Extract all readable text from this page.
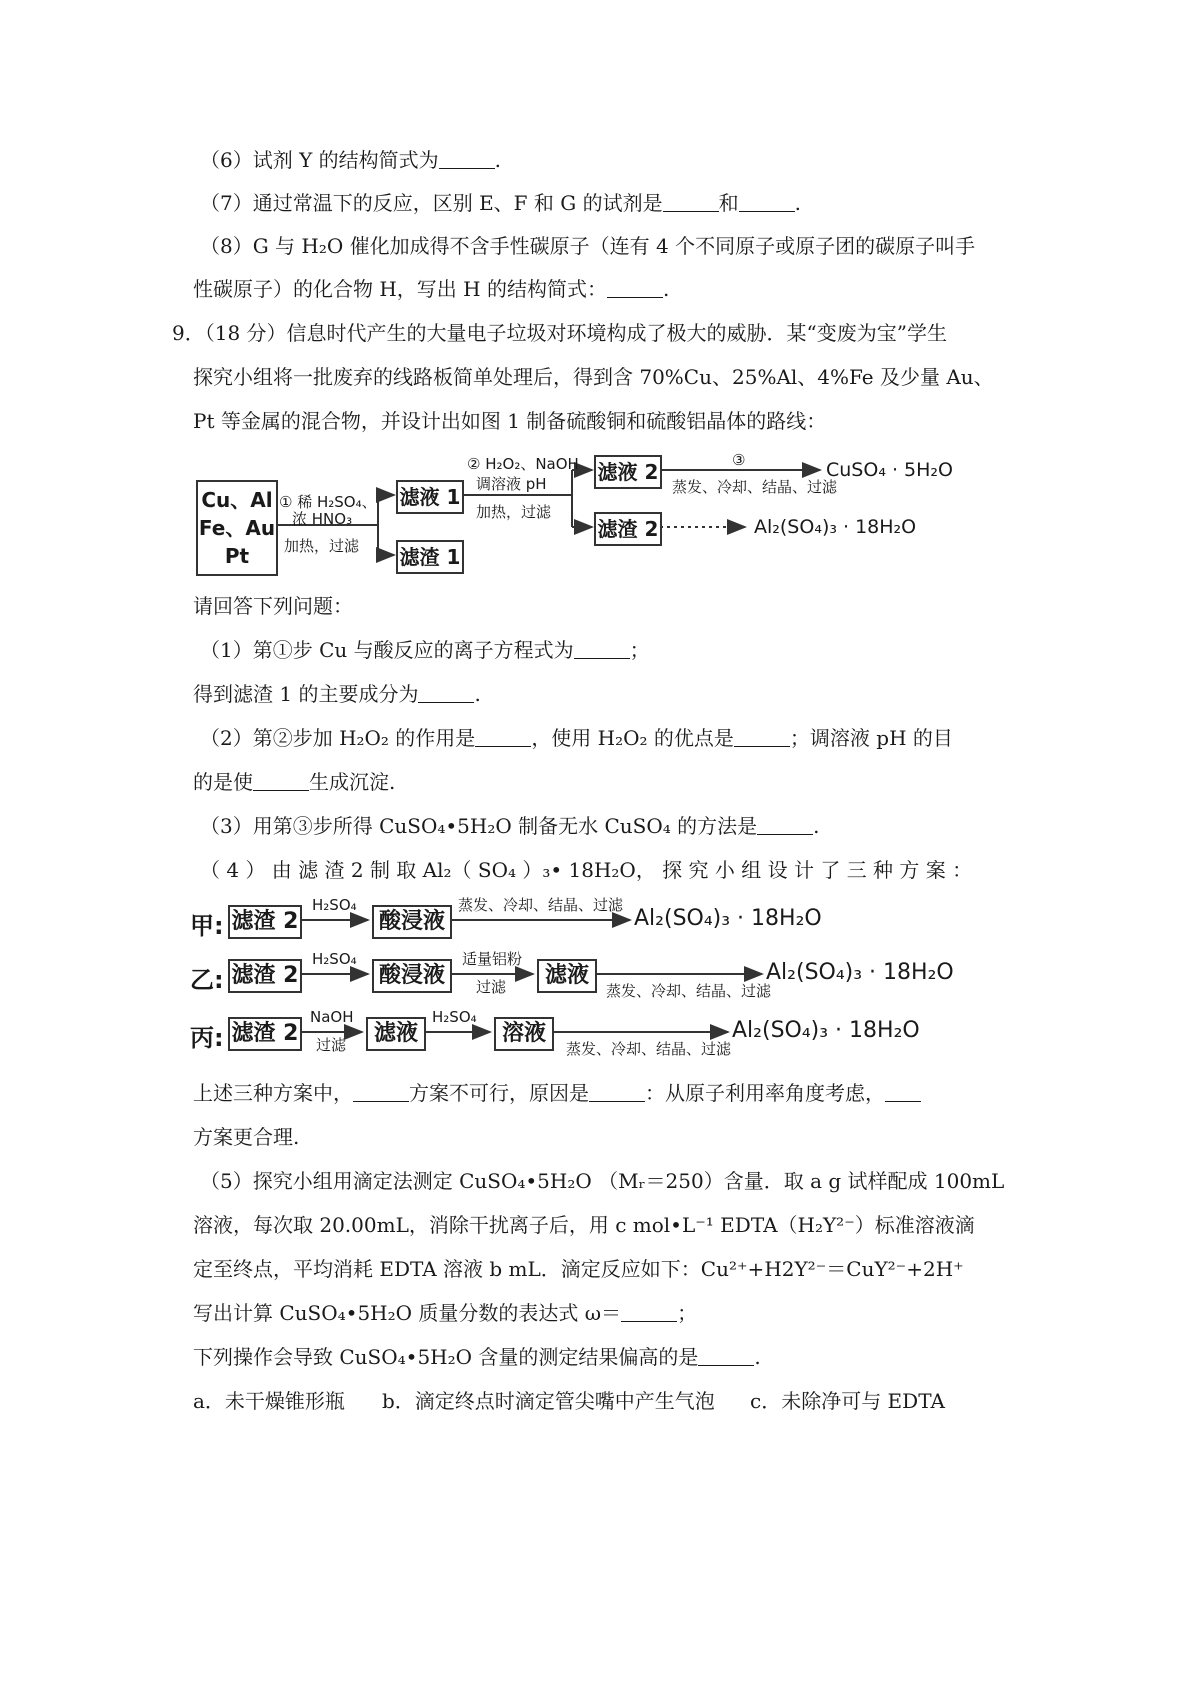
（6）试剂 Y 的结构简式为	.
（7）通过常温下的反应，区别 E、F 和 G 的试剂是	和	.
（8）G 与 H₂O 催化加成得不含手性碳原子（连有 4 个不同原子或原子团的碳原子叫手
性碳原子）的化合物 H，写出 H 的结构简式：	.
9．（18 分）信息时代产生的大量电子垃圾对环境构成了极大的威胁．某“变废为宝”学生
探究小组将一批废弃的线路板简单处理后，得到含 70%Cu、25%Al、4%Fe 及少量 Au、
Pt 等金属的混合物，并设计出如图 1 制备硫酸铜和硫酸铝晶体的路线：
Cu、Al
Fe、Au
Pt
① 稀 H₂SO₄、
浓 HNO₃
加热，过滤
滤液 1
滤渣 1
② H₂O₂、NaOH
调溶液 pH
加热，过滤
滤液 2
滤渣 2
③
蒸发、冷却、结晶、过滤
CuSO₄ · 5H₂O
Al₂(SO₄)₃ · 18H₂O
请回答下列问题：
（1）第①步 Cu 与酸反应的离子方程式为	；
得到滤渣 1 的主要成分为	.
（2）第②步加 H₂O₂ 的作用是	，使用 H₂O₂ 的优点是	；调溶液 pH 的目
的是使	生成沉淀.
（3）用第③步所得 CuSO₄•5H₂O 制备无水 CuSO₄ 的方法是	.
（ 4 ） 由 滤 渣 2 制 取 Al₂（ SO₄ ）₃• 18H₂O， 探 究 小 组 设 计 了 三 种 方 案 ：
甲: 滤渣 2
H₂SO₄
酸浸液
蒸发、冷却、结晶、过滤
Al₂(SO₄)₃ · 18H₂O
乙: 滤渣 2
H₂SO₄
酸浸液
适量铝粉
过滤	滤液
蒸发、冷却、结晶、过滤
Al₂(SO₄)₃ · 18H₂O
丙: 滤渣 2
NaOH
过滤	滤液
H₂SO₄
溶液
蒸发、冷却、结晶、过滤
Al₂(SO₄)₃ · 18H₂O
上述三种方案中，	方案不可行，原因是	：从原子利用率角度考虑，
方案更合理.
（5）探究小组用滴定法测定 CuSO₄•5H₂O （Mᵣ＝250）含量．取 a g 试样配成 100mL
溶液，每次取 20.00mL，消除干扰离子后，用 c mol•L⁻¹ EDTA（H₂Y²⁻）标准溶液滴
定至终点，平均消耗 EDTA 溶液 b mL．滴定反应如下：Cu²⁺+H2Y²⁻＝CuY²⁻+2H⁺
写出计算 CuSO₄•5H₂O 质量分数的表达式 ω＝	；
下列操作会导致 CuSO₄•5H₂O 含量的测定结果偏高的是	.
a．未干燥锥形瓶 b．滴定终点时滴定管尖嘴中产生气泡 c．未除净可与 EDTA
